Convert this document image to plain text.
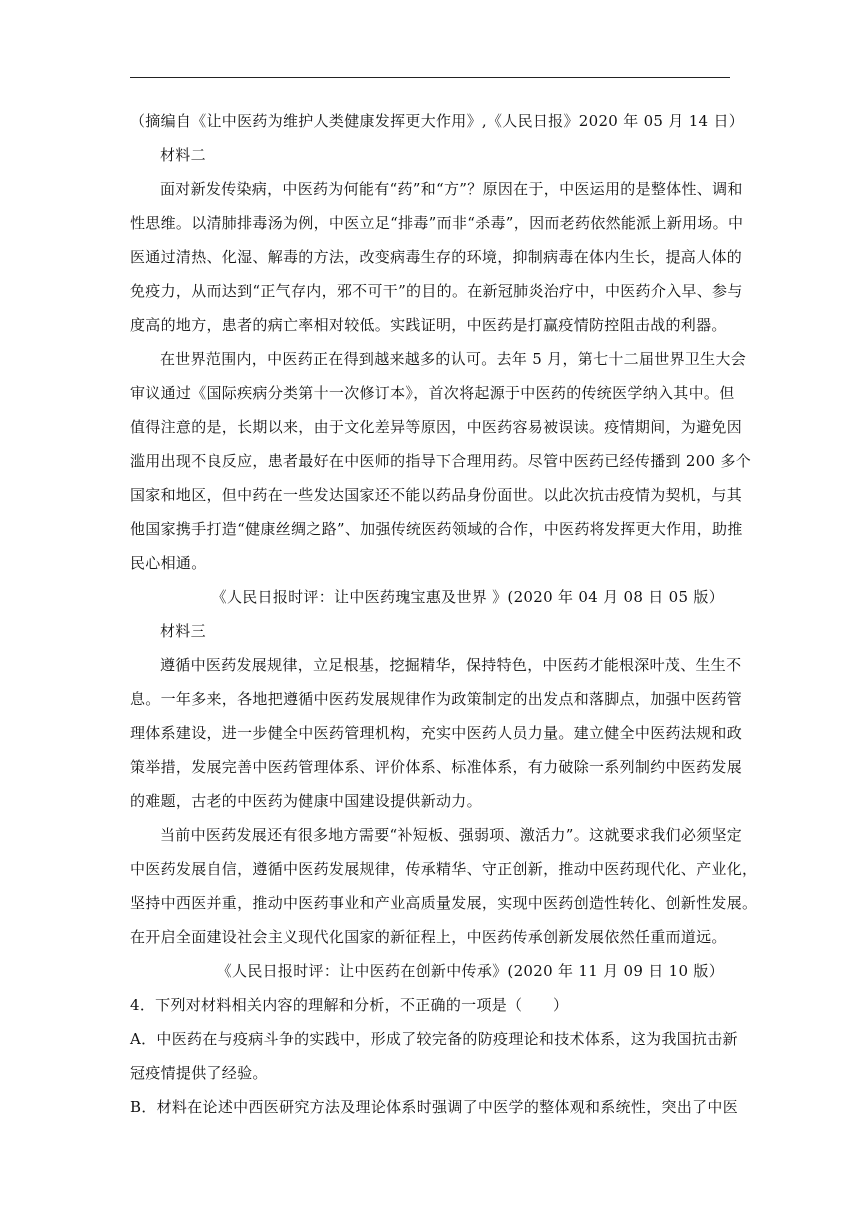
（摘编自《让中医药为维护人类健康发挥更大作用》,《人民日报》2020 年 05 月 14 日）
材料二
面对新发传染病，中医药为何能有“药”和“方”？原因在于，中医运用的是整体性、调和
性思维。以清肺排毒汤为例，中医立足“排毒”而非“杀毒”，因而老药依然能派上新用场。中
医通过清热、化湿、解毒的方法，改变病毒生存的环境，抑制病毒在体内生长，提高人体的
免疫力，从而达到“正气存内，邪不可干”的目的。在新冠肺炎治疗中，中医药介入早、参与
度高的地方，患者的病亡率相对较低。实践证明，中医药是打赢疫情防控阻击战的利器。
在世界范围内，中医药正在得到越来越多的认可。去年 5 月，第七十二届世界卫生大会
审议通过《国际疾病分类第十一次修订本》，首次将起源于中医药的传统医学纳入其中。但
值得注意的是，长期以来，由于文化差异等原因，中医药容易被误读。疫情期间，为避免因
滥用出现不良反应，患者最好在中医师的指导下合理用药。尽管中医药已经传播到 200 多个
国家和地区，但中药在一些发达国家还不能以药品身份面世。以此次抗击疫情为契机，与其
他国家携手打造“健康丝绸之路”、加强传统医药领域的合作，中医药将发挥更大作用，助推
民心相通。
《人民日报时评：让中医药瑰宝惠及世界 》(2020 年 04 月 08 日 05 版）
材料三
遵循中医药发展规律，立足根基，挖掘精华，保持特色，中医药才能根深叶茂、生生不
息。一年多来，各地把遵循中医药发展规律作为政策制定的出发点和落脚点，加强中医药管
理体系建设，进一步健全中医药管理机构，充实中医药人员力量。建立健全中医药法规和政
策举措，发展完善中医药管理体系、评价体系、标准体系，有力破除一系列制约中医药发展
的难题，古老的中医药为健康中国建设提供新动力。
当前中医药发展还有很多地方需要“补短板、强弱项、激活力”。这就要求我们必须坚定
中医药发展自信，遵循中医药发展规律，传承精华、守正创新，推动中医药现代化、产业化，
坚持中西医并重，推动中医药事业和产业高质量发展，实现中医药创造性转化、创新性发展。
在开启全面建设社会主义现代化国家的新征程上，中医药传承创新发展依然任重而道远。
《人民日报时评：让中医药在创新中传承》(2020 年 11 月 09 日 10 版）
4．下列对材料相关内容的理解和分析，不正确的一项是（　　）
A．中医药在与疫病斗争的实践中，形成了较完备的防疫理论和技术体系，这为我国抗击新
冠疫情提供了经验。
B．材料在论述中西医研究方法及理论体系时强调了中医学的整体观和系统性，突出了中医
